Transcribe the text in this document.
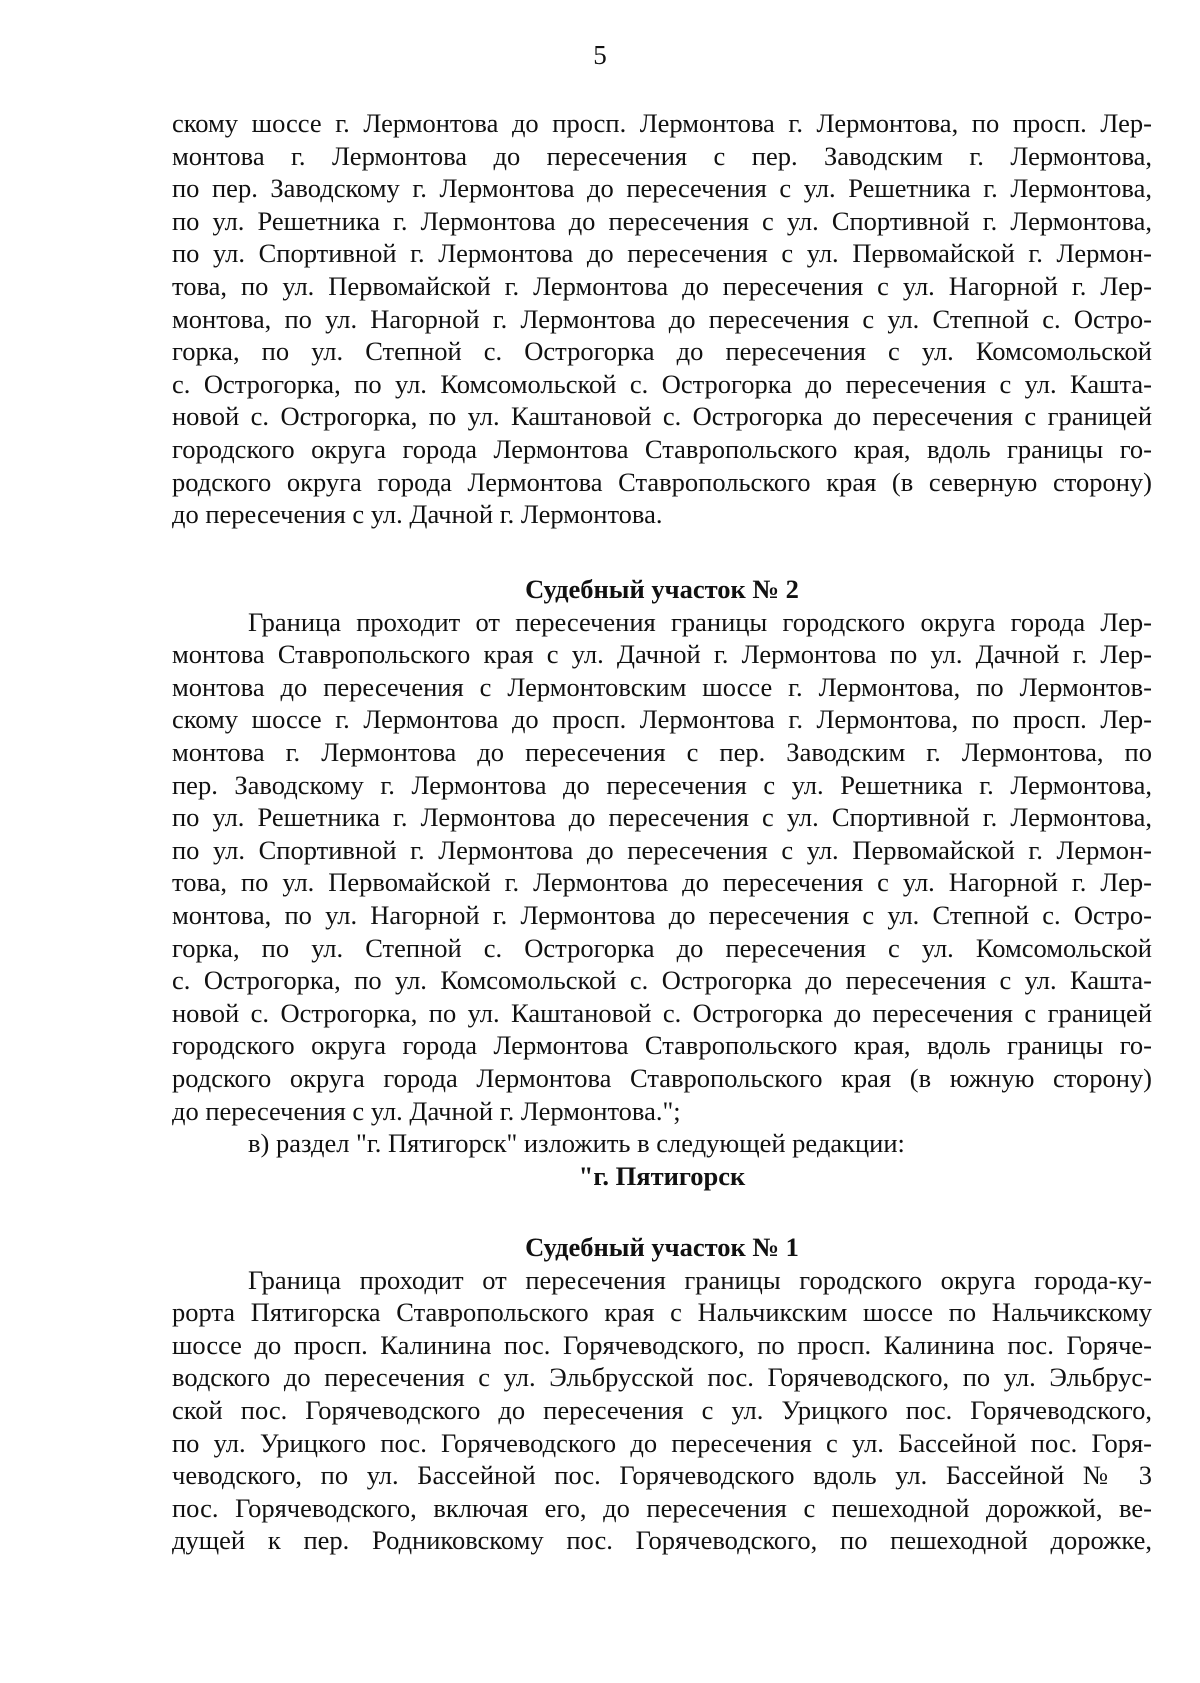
5
скому шоссе г. Лермонтова до просп. Лермонтова г. Лермонтова, по просп. Лер-
монтова г. Лермонтова до пересечения с пер. Заводским г. Лермонтова,
по пер. Заводскому г. Лермонтова до пересечения с ул. Решетника г. Лермонтова,
по ул. Решетника г. Лермонтова до пересечения с ул. Спортивной г. Лермонтова,
по ул. Спортивной г. Лермонтова до пересечения с ул. Первомайской г. Лермон-
това, по ул. Первомайской г. Лермонтова до пересечения с ул. Нагорной г. Лер-
монтова, по ул. Нагорной г. Лермонтова до пересечения с ул. Степной с. Остро-
горка, по ул. Степной с. Острогорка до пересечения с ул. Комсомольской
с. Острогорка, по ул. Комсомольской с. Острогорка до пересечения с ул. Кашта-
новой с. Острогорка, по ул. Каштановой с. Острогорка до пересечения с границей
городского округа города Лермонтова Ставропольского края, вдоль границы го-
родского округа города Лермонтова Ставропольского края (в северную сторону)
до пересечения с ул. Дачной г. Лермонтова.
Судебный участок № 2
Граница проходит от пересечения границы городского округа города Лер-
монтова Ставропольского края с ул. Дачной г. Лермонтова по ул. Дачной г. Лер-
монтова до пересечения с Лермонтовским шоссе г. Лермонтова, по Лермонтов-
скому шоссе г. Лермонтова до просп. Лермонтова г. Лермонтова, по просп. Лер-
монтова г. Лермонтова до пересечения с пер. Заводским г. Лермонтова, по
пер. Заводскому г. Лермонтова до пересечения с ул. Решетника г. Лермонтова,
по ул. Решетника г. Лермонтова до пересечения с ул. Спортивной г. Лермонтова,
по ул. Спортивной г. Лермонтова до пересечения с ул. Первомайской г. Лермон-
това, по ул. Первомайской г. Лермонтова до пересечения с ул. Нагорной г. Лер-
монтова, по ул. Нагорной г. Лермонтова до пересечения с ул. Степной с. Остро-
горка, по ул. Степной с. Острогорка до пересечения с ул. Комсомольской
с. Острогорка, по ул. Комсомольской с. Острогорка до пересечения с ул. Кашта-
новой с. Острогорка, по ул. Каштановой с. Острогорка до пересечения с границей
городского округа города Лермонтова Ставропольского края, вдоль границы го-
родского округа города Лермонтова Ставропольского края (в южную сторону)
до пересечения с ул. Дачной г. Лермонтова.";
в) раздел "г. Пятигорск" изложить в следующей редакции:
"г. Пятигорск
Судебный участок № 1
Граница проходит от пересечения границы городского округа города-ку-
рорта Пятигорска Ставропольского края с Нальчикским шоссе по Нальчикскому
шоссе до просп. Калинина пос. Горячеводского, по просп. Калинина пос. Горяче-
водского до пересечения с ул. Эльбрусской пос. Горячеводского, по ул. Эльбрус-
ской пос. Горячеводского до пересечения с ул. Урицкого пос. Горячеводского,
по ул. Урицкого пос. Горячеводского до пересечения с ул. Бассейной пос. Горя-
чеводского, по ул. Бассейной пос. Горячеводского вдоль ул. Бассейной № 3
пос. Горячеводского, включая его, до пересечения с пешеходной дорожкой, ве-
дущей к пер. Родниковскому пос. Горячеводского, по пешеходной дорожке,
